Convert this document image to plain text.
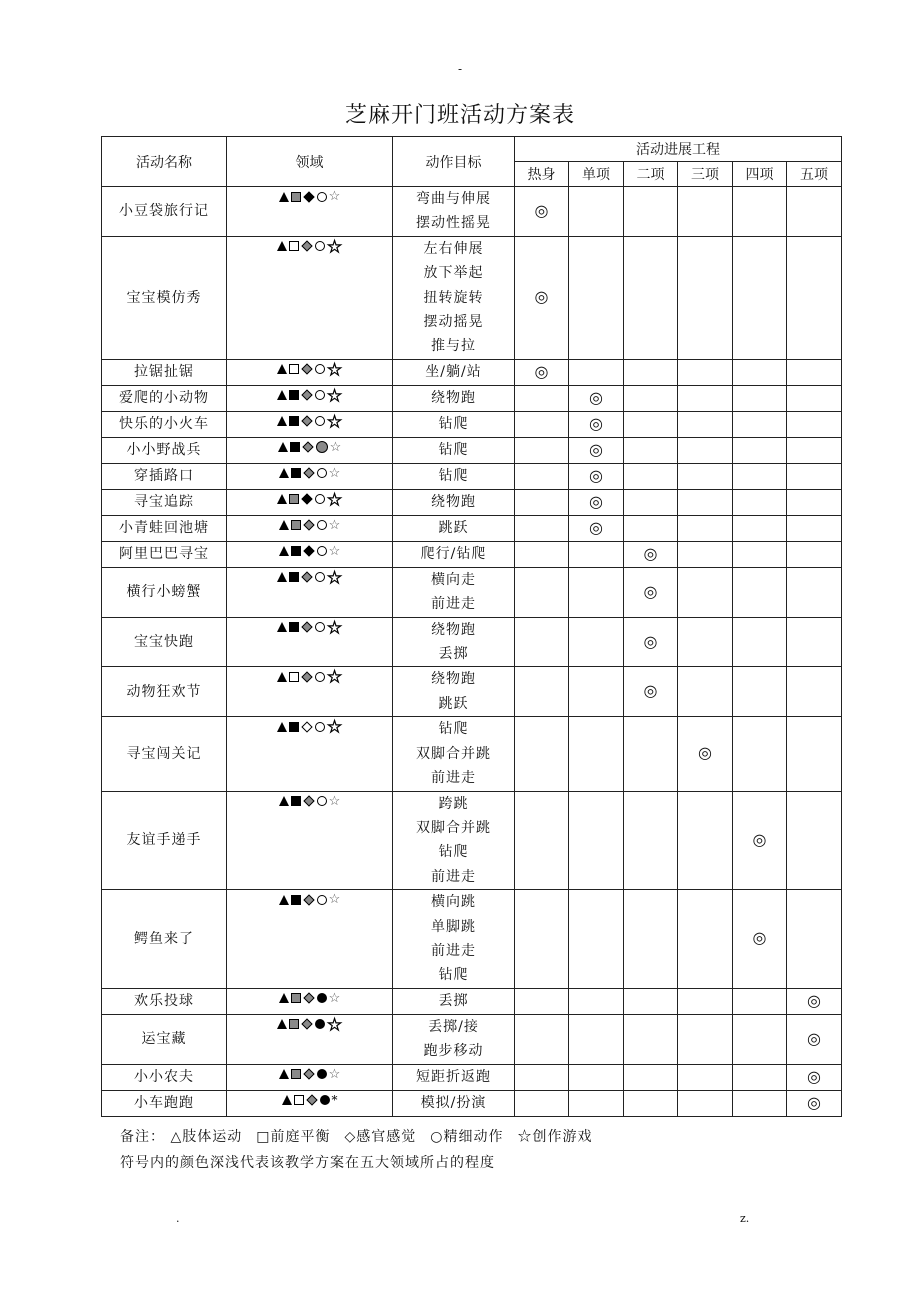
-
芝麻开门班活动方案表
活动名称	领域	动作目标	活动进展工程					
			热身	单项	二项	三项	四项	五项
小豆袋旅行记	☆	弯曲与伸展
摆动性摇晃	◎					
宝宝模仿秀	★	左右伸展
放下举起
扭转旋转
摆动摇晃
推与拉	◎					
拉锯扯锯	★	坐/躺/站	◎					
爱爬的小动物	★	绕物跑		◎				
快乐的小火车	★	钻爬		◎				
小小野战兵	☆	钻爬		◎				
穿插路口	☆	钻爬		◎				
寻宝追踪	★	绕物跑		◎				
小青蛙回池塘	☆	跳跃		◎				
阿里巴巴寻宝	☆	爬行/钻爬			◎			
横行小螃蟹	★	横向走
前进走			◎			
宝宝快跑	★	绕物跑
丢掷			◎			
动物狂欢节	★	绕物跑
跳跃			◎			
寻宝闯关记	★	钻爬
双脚合并跳
前进走				◎		
友谊手递手	☆	跨跳
双脚合并跳
钻爬
前进走					◎	
鳄鱼来了	☆	横向跳
单脚跳
前进走
钻爬					◎	
欢乐投球	☆	丢掷						◎
运宝藏	★	丢掷/接
跑步移动						◎
小小农夫	☆	短距折返跑						◎
小车跑跑	*	模拟/扮演						◎
备注： △肢体运动 □前庭平衡 ◇感官感觉 ○精细动作 ☆创作游戏
符号内的颜色深浅代表该教学方案在五大领域所占的程度
.	z.
